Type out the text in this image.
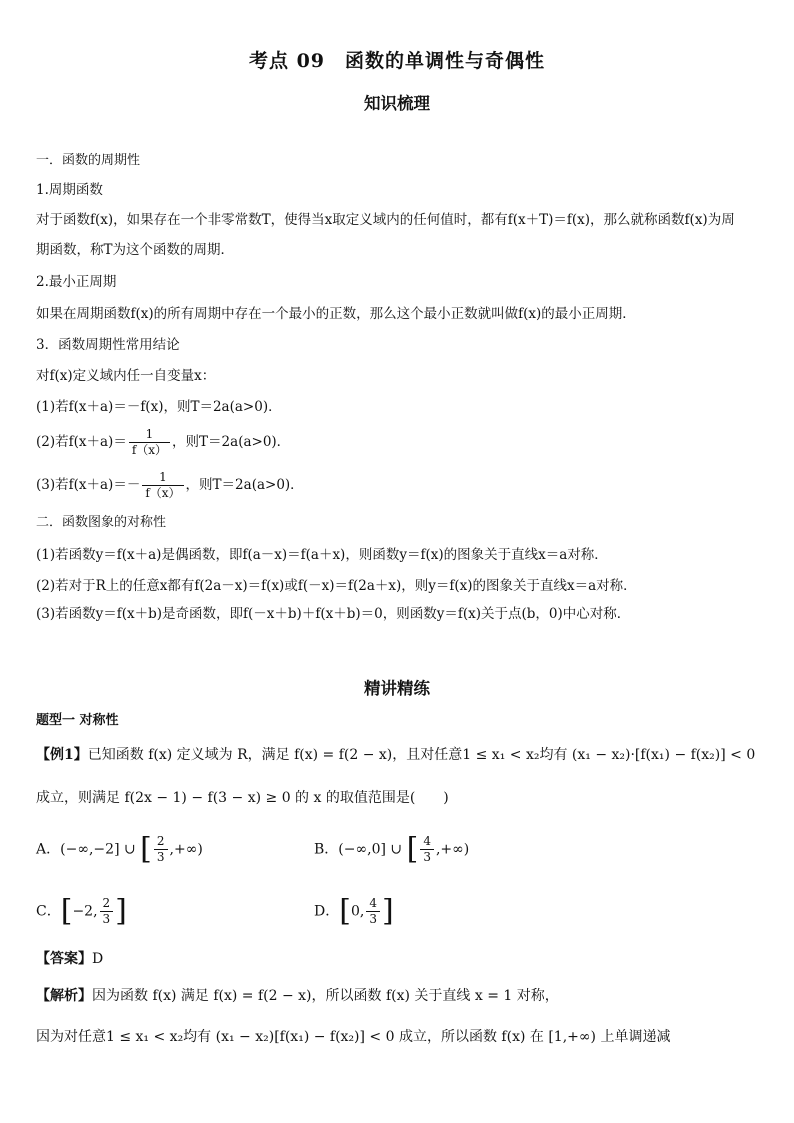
考点 09　函数的单调性与奇偶性
知识梳理
一．函数的周期性
1.周期函数
对于函数f(x)，如果存在一个非零常数T，使得当x取定义域内的任何值时，都有f(x＋T)＝f(x)，那么就称函数f(x)为周
期函数，称T为这个函数的周期．
2.最小正周期
如果在周期函数f(x)的所有周期中存在一个最小的正数，那么这个最小正数就叫做f(x)的最小正周期．
3．函数周期性常用结论
对f(x)定义域内任一自变量x：
(1)若f(x＋a)＝－f(x)，则T＝2a(a>0)．
(2)若$f(x+a)= \frac{1}{f(x)}$ ，则T＝2a(a>0)．
(3)若$f(x+a)=- \frac{1}{f(x)}$ ，则T＝2a(a>0)．
二．函数图象的对称性
(1)若函数y＝f(x＋a)是偶函数，即f(a－x)＝f(a＋x)，则函数y＝f(x)的图象关于直线x＝a对称．
(2)若对于R上的任意x都有f(2a－x)＝f(x)或f(－x)＝f(2a＋x)，则y＝f(x)的图象关于直线x＝a对称．
(3)若函数y＝f(x＋b)是奇函数，即f(－x＋b)＋f(x＋b)＝0，则函数y＝f(x)关于点(b，0)中心对称．
精讲精练
题型一 对称性
【例1】已知函数 f(x) 定义域为 R，满足 f(x) = f(2 − x)，且对任意1 ≤ x₁ < x₂均有 (x₁ − x₂)·[f(x₁) − f(x₂)] < 0
成立，则满足 f(2x − 1) − f(3 − x) ≥ 0 的 x 的取值范围是(　　)
A．(−∞,−2] ∪ [ $\frac{2}{3}$ ,+∞)	B．(−∞,0] ∪ [ $\frac{4}{3}$ ,+∞)
C．[−2, $\frac{2}{3}$ ]	D．[0, $\frac{4}{3}$ ]
【答案】D
【解析】因为函数 f(x) 满足 f(x) = f(2 − x)，所以函数 f(x) 关于直线 x = 1 对称，
因为对任意1 ≤ x₁ < x₂均有 (x₁ − x₂)[f(x₁) − f(x₂)] < 0 成立，所以函数 f(x) 在 [1,+∞) 上单调递减
